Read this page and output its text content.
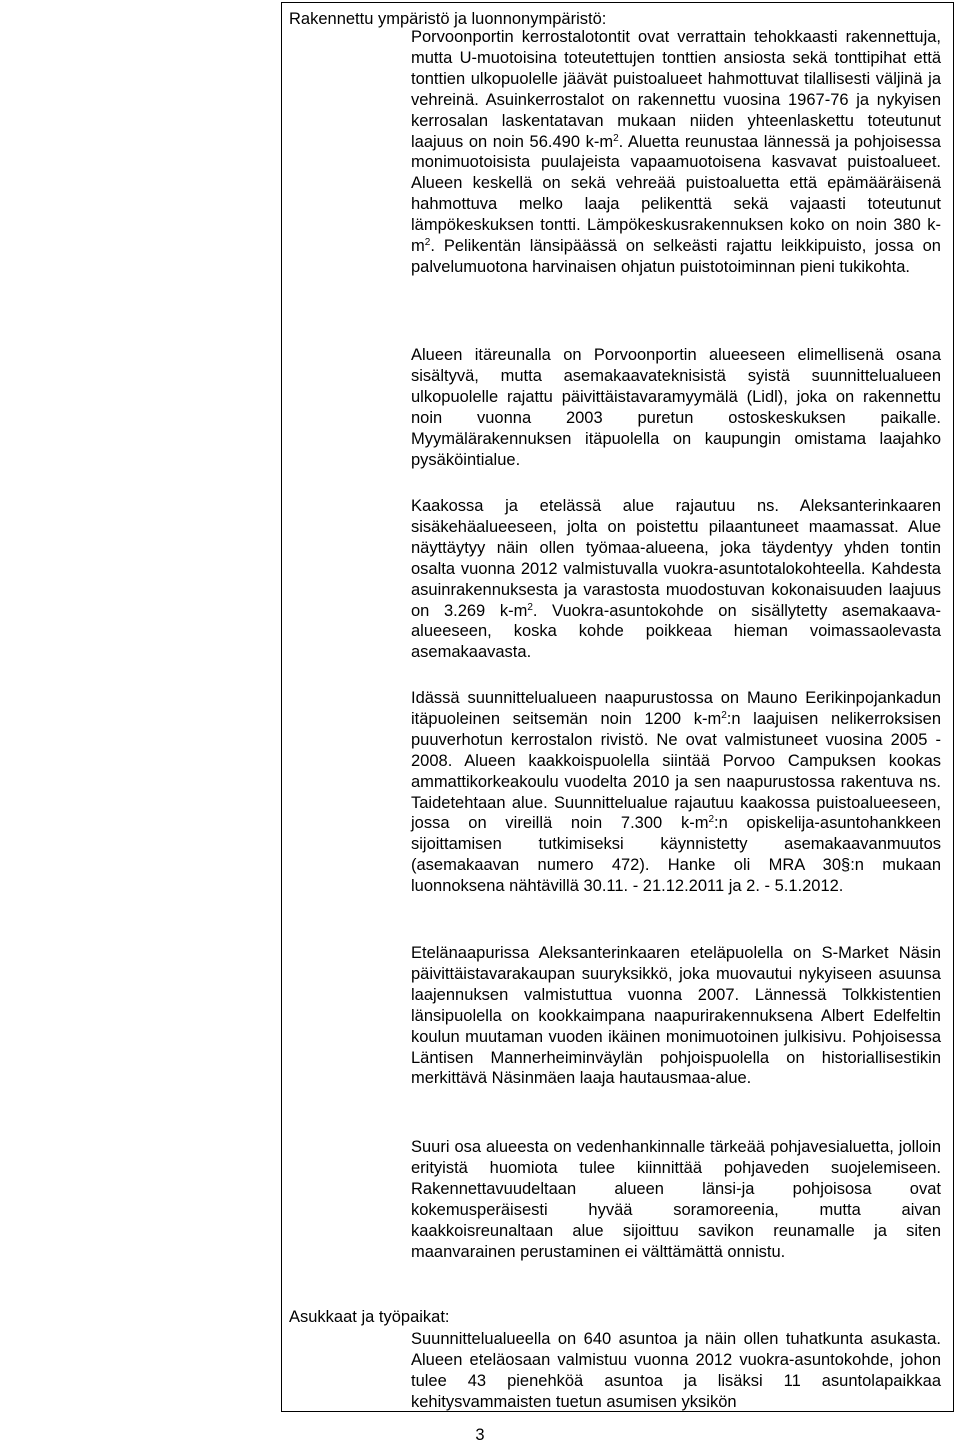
Rakennettu ympäristö ja luonnonympäristö:
Porvoonportin kerrostalotontit ovat verrattain tehokkaasti rakennettuja, mutta U-muotoisina toteutettujen tonttien ansiosta sekä tonttipihat että tonttien ulkopuolelle jäävät puistoalueet hahmottuvat tilallisesti väljinä ja vehreinä. Asuinkerrostalot on rakennettu vuosina 1967-76 ja nykyisen kerrosalan laskentatavan mukaan niiden yhteenlaskettu toteutunut laajuus on noin 56.490 $k-m^2$. Aluetta reunustaa lännessä ja pohjoisessa monimuotoisista puulajeista vapaamuotoisena kasvavat puistoalueet. Alueen keskellä on sekä vehreää puistoaluetta että epämääräisenä hahmottuva melko laaja pelikenttä sekä vajaasti toteutunut lämpökeskuksen tontti. Lämpökeskusrakennuksen koko on noin 380 $k-m^2$. Pelikentän länsipäässä on selkeästi rajattu leikkipuisto, jossa on palvelumuotona harvinaisen ohjatun puistotoiminnan pieni tukikohta.
Alueen itäreunalla on Porvoonportin alueeseen elimellisenä osana sisältyvä, mutta asemakaavateknisistä syistä suunnittelualueen ulkopuolelle rajattu päivittäistavaramyymälä (Lidl), joka on rakennettu noin vuonna 2003 puretun ostoskeskuksen paikalle. Myymälärakennuksen itäpuolella on kaupungin omistama laajahko pysäköintialue.
Kaakossa ja etelässä alue rajautuu ns. Aleksanterinkaaren sisäkehäalueeseen, jolta on poistettu pilaantuneet maamassat. Alue näyttäytyy näin ollen työmaa-alueena, joka täydentyy yhden tontin osalta vuonna 2012 valmistuvalla vuokra-asuntotalokohteella. Kahdesta asuinrakennuksesta ja varastosta muodostuvan kokonaisuuden laajuus on 3.269 $k-m^2$. Vuokra-asuntokohde on sisällytetty asemakaava-alueeseen, koska kohde poikkeaa hieman voimassaolevasta asemakaavasta.
Idässä suunnittelualueen naapurustossa on Mauno Eerikinpojankadun itäpuoleinen seitsemän noin 1200 $k-m^2:n$ laajuisen nelikerroksisen puuverhotun kerrostalon rivistö. Ne ovat valmistuneet vuosina 2005 - 2008. Alueen kaakkoispuolella siintää Porvoo Campuksen kookas ammattikorkeakoulu vuodelta 2010 ja sen naapurustossa rakentuva ns. Taidetehtaan alue. Suunnittelualue rajautuu kaakossa puistoalueeseen, jossa on vireillä noin 7.300 $k-m^2:n$ opiskelija-asuntohankkeen sijoittamisen tutkimiseksi käynnistetty asemakaavanmuutos (asemakaavan numero 472). Hanke oli MRA 30§:n mukaan luonnoksena nähtävillä 30.11. - 21.12.2011 ja 2. - 5.1.2012.
Etelänaapurissa Aleksanterinkaaren eteläpuolella on S-Market Näsin päivittäistavarakaupan suuryksikkö, joka muovautui nykyiseen asuunsa laajennuksen valmistuttua vuonna 2007. Lännessä Tolkkistentien länsipuolella on kookkaimpana naapurirakennuksena Albert Edelfeltin koulun muutaman vuoden ikäinen monimuotoinen julkisivu. Pohjoisessa Läntisen Mannerheiminväylän pohjoispuolella on historiallisestikin merkittävä Näsinmäen laaja hautausmaa-alue.
Suuri osa alueesta on vedenhankinnalle tärkeää pohjavesialuetta, jolloin erityistä huomiota tulee kiinnittää pohjaveden suojelemiseen. Rakennettavuudeltaan alueen länsi-ja pohjoisosa ovat kokemusperäisesti hyvää soramoreenia, mutta aivan kaakkoisreunaltaan alue sijoittuu savikon reunamalle ja siten maanvarainen perustaminen ei välttämättä onnistu.
Asukkaat ja työpaikat:
Suunnittelualueella on 640 asuntoa ja näin ollen tuhatkunta asukasta. Alueen eteläosaan valmistuu vuonna 2012 vuokra-asuntokohde, johon tulee 43 pienehköä asuntoa ja lisäksi 11 asuntolapaikkaa kehitysvammaisten tuetun asumisen yksikön
3
